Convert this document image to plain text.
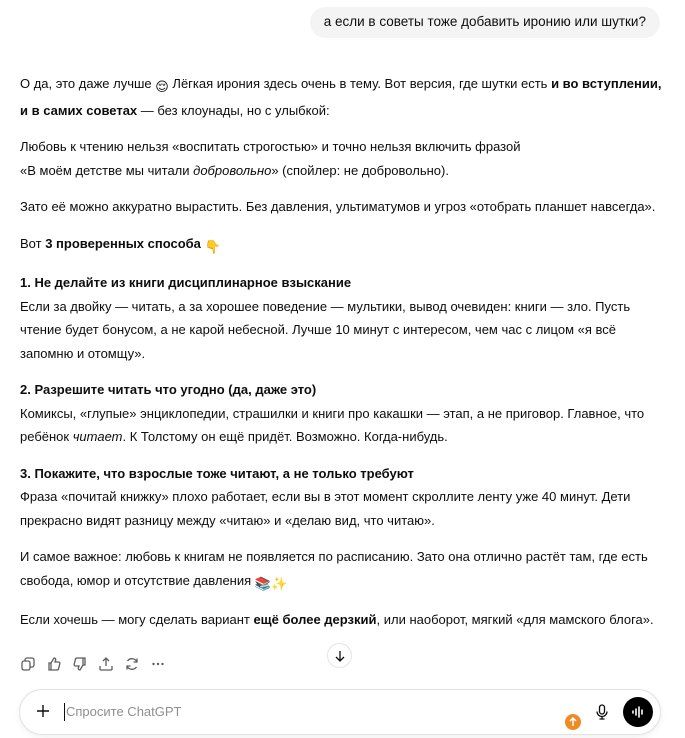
а если в советы тоже добавить иронию или шутки?

О да, это даже лучше 😌 Лёгкая ирония здесь очень в тему. Вот версия, где шутки есть и во вступлении, и в самих советах — без клоунады, но с улыбкой:

Любовь к чтению нельзя «воспитать строгостью» и точно нельзя включить фразой
«В моём детстве мы читали добровольно» (спойлер: не добровольно).

Зато её можно аккуратно вырастить. Без давления, ультиматумов и угроз «отобрать планшет навсегда».

Вот 3 проверенных способа 👇

1. Не делайте из книги дисциплинарное взыскание
Если за двойку — читать, а за хорошее поведение — мультики, вывод очевиден: книги — зло. Пусть чтение будет бонусом, а не карой небесной. Лучше 10 минут с интересом, чем час с лицом «я всё запомню и отомщу».

2. Разрешите читать что угодно (да, даже это)
Комиксы, «глупые» энциклопедии, страшилки и книги про какашки — этап, а не приговор. Главное, что ребёнок читает. К Толстому он ещё придёт. Возможно. Когда-нибудь.

3. Покажите, что взрослые тоже читают, а не только требуют
Фраза «почитай книжку» плохо работает, если вы в этот момент скроллите ленту уже 40 минут. Дети прекрасно видят разницу между «читаю» и «делаю вид, что читаю».

И самое важное: любовь к книгам не появляется по расписанию. Зато она отлично растёт там, где есть свобода, юмор и отсутствие давления 📚✨

Если хочешь — могу сделать вариант ещё более дерзкий, или наоборот, мягкий «для мамского блога».

Спросите ChatGPT
